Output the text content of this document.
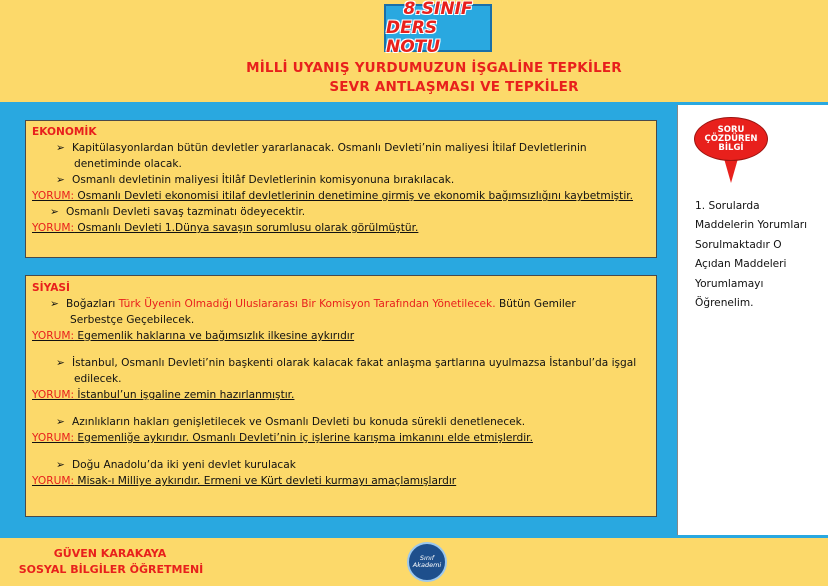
8.SINIF
DERS NOTU
MİLLİ UYANIŞ YURDUMUZUN İŞGALİNE TEPKİLER
SEVR ANTLAŞMASI VE TEPKİLER
EKONOMİK
➢ Kapitülasyonlardan bütün devletler yararlanacak. Osmanlı Devleti’nin maliyesi İtilaf Devletlerinin
denetiminde olacak.
➢ Osmanlı devletinin maliyesi İtilâf Devletlerinin komisyonuna bırakılacak.
YORUM: Osmanlı Devleti ekonomisi itilaf devletlerinin denetimine girmiş ve ekonomik bağımsızlığını kaybetmiştir.
➢ Osmanlı Devleti savaş tazminatı ödeyecektir.
YORUM: Osmanlı Devleti 1.Dünya savaşın sorumlusu olarak görülmüştür.
SİYASİ
➢ Boğazları Türk Üyenin Olmadığı Uluslararası Bir Komisyon Tarafından Yönetilecek. Bütün Gemiler
Serbestçe Geçebilecek.
YORUM: Egemenlik haklarına ve bağımsızlık ilkesine aykırıdır
➢ İstanbul, Osmanlı Devleti’nin başkenti olarak kalacak fakat anlaşma şartlarına uyulmazsa İstanbul’da işgal
edilecek.
YORUM: İstanbul’un işgaline zemin hazırlanmıştır.
➢ Azınlıkların hakları genişletilecek ve Osmanlı Devleti bu konuda sürekli denetlenecek.
YORUM: Egemenliğe aykırıdır. Osmanlı Devleti’nin iç işlerine karışma imkanını elde etmişlerdir.
➢ Doğu Anadolu’da iki yeni devlet kurulacak
YORUM: Misak-ı Milliye aykırıdır. Ermeni ve Kürt devleti kurmayı amaçlamışlardır
SORU
ÇÖZDÜREN
BİLGİ
1. Sorularda
Maddelerin Yorumları
Sorulmaktadır O
Açıdan Maddeleri
Yorumlamayı
Öğrenelim.
GÜVEN KARAKAYA
SOSYAL BİLGİLER ÖĞRETMENİ
Sınıf
Akademi
